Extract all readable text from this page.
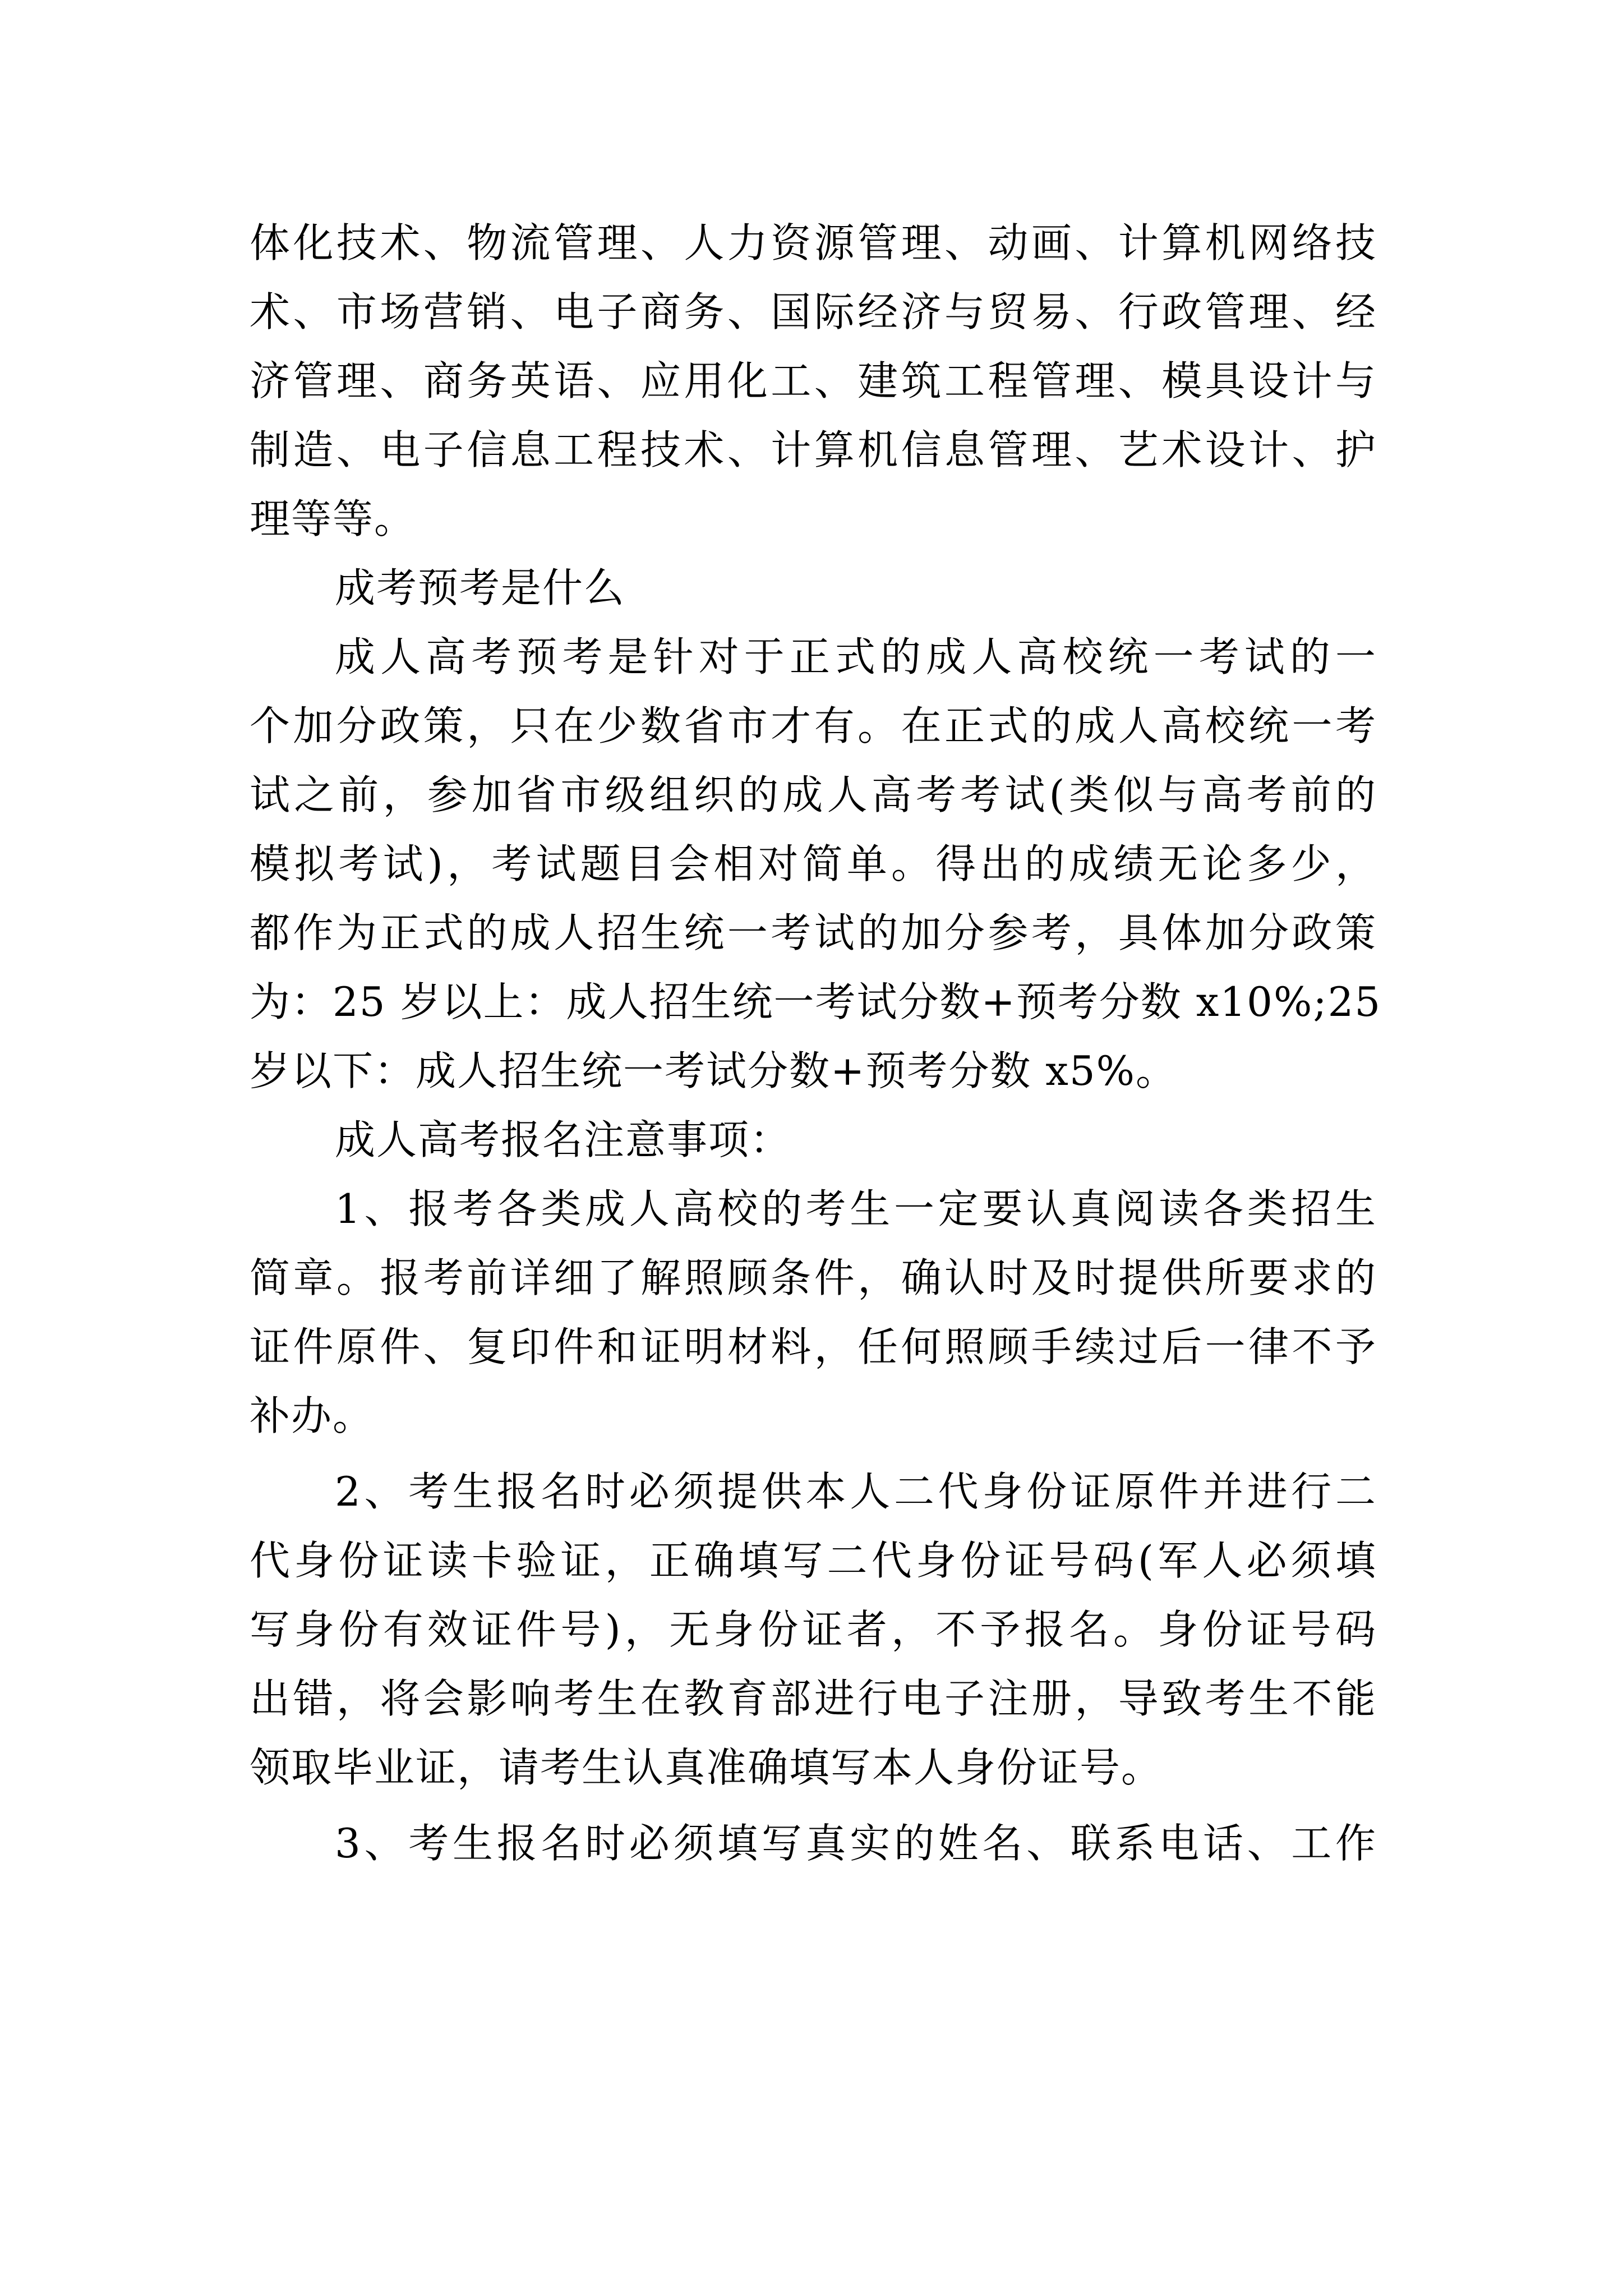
体化技术、物流管理、人力资源管理、动画、计算机网络技
术、市场营销、电子商务、国际经济与贸易、行政管理、经
济管理、商务英语、应用化工、建筑工程管理、模具设计与
制造、电子信息工程技术、计算机信息管理、艺术设计、护
理等等。
成考预考是什么
成人高考预考是针对于正式的成人高校统一考试的一
个加分政策，只在少数省市才有。在正式的成人高校统一考
试之前，参加省市级组织的成人高考考试(类似与高考前的
模拟考试)，考试题目会相对简单。得出的成绩无论多少，
都作为正式的成人招生统一考试的加分参考，具体加分政策
为：25 岁以上：成人招生统一考试分数+预考分数 x10%;25
岁以下：成人招生统一考试分数+预考分数 x5%。
成人高考报名注意事项：
1、报考各类成人高校的考生一定要认真阅读各类招生
简章。报考前详细了解照顾条件，确认时及时提供所要求的
证件原件、复印件和证明材料，任何照顾手续过后一律不予
补办。
2、考生报名时必须提供本人二代身份证原件并进行二
代身份证读卡验证，正确填写二代身份证号码(军人必须填
写身份有效证件号)，无身份证者，不予报名。身份证号码
出错，将会影响考生在教育部进行电子注册，导致考生不能
领取毕业证，请考生认真准确填写本人身份证号。
3、考生报名时必须填写真实的姓名、联系电话、工作
